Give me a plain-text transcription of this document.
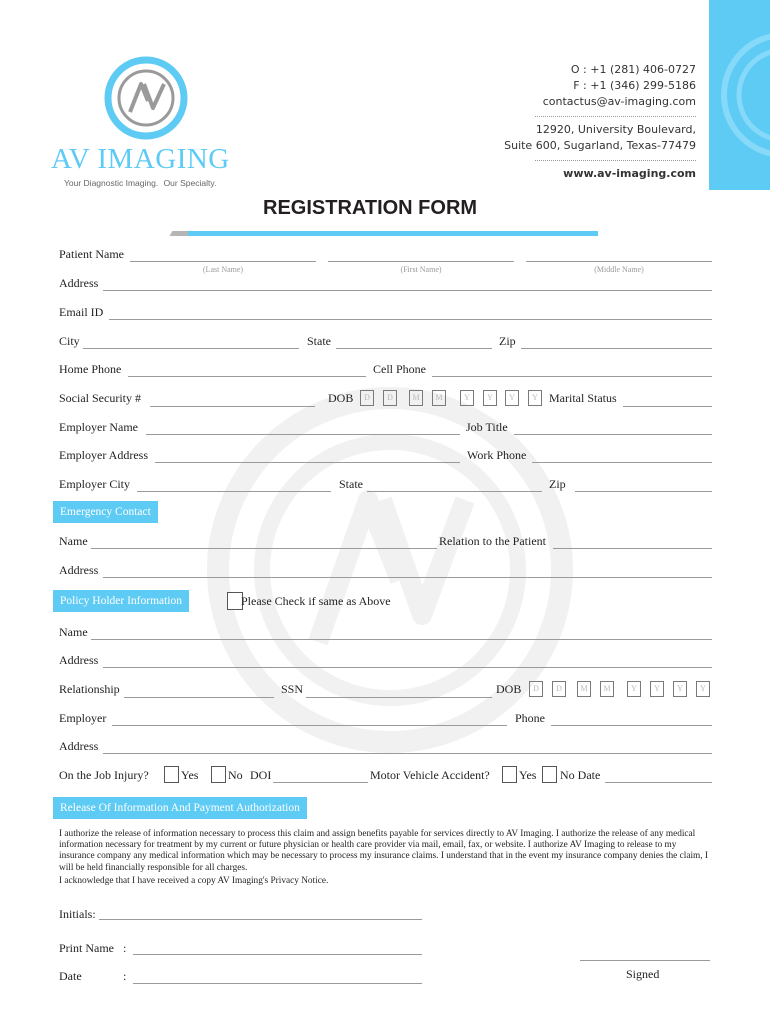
AV IMAGING
Your Diagnostic Imaging. Our Specialty.
O : +1 (281) 406-0727
F : +1 (346) 299-5186
contactus@av-imaging.com
12920, University Boulevard,
Suite 600, Sugarland, Texas-77479
www.av-imaging.com
REGISTRATION FORM
Patient Name
(Last Name)	(First Name)	(Middle Name)
Address
Email ID
City	State	Zip
Home Phone	Cell Phone
Social Security #	DOB	D	D	M	M	Y	Y	Y	Y Marital Status
Employer Name	Job Title
Employer Address	Work Phone
Employer City	State	Zip
Emergency Contact
Name	Relation to the Patient
Address
Policy Holder Information	Please Check if same as Above
Name
Address
Relationship	SSN	DOB	D	D	M	M	Y	Y	Y	Y
Employer	Phone
Address
On the Job Injury?	Yes No DOI	Motor Vehicle Accident? Yes No Date
Release Of Information And Payment Authorization
I authorize the release of information necessary to process this claim and assign benefits payable for services directly to AV Imaging. I authorize the release of any medical information necessary for treatment by my current or future physician or health care provider via mail, email, fax, or website. I authorize AV Imaging to release to my insurance company any medical information which may be necessary to process my insurance claims. I understand that in the event my insurance company denies the claim, I will be held financially responsible for all charges.
I acknowledge that I have received a copy AV Imaging's Privacy Notice.
Initials:
Print Name :
Date	:	Signed
